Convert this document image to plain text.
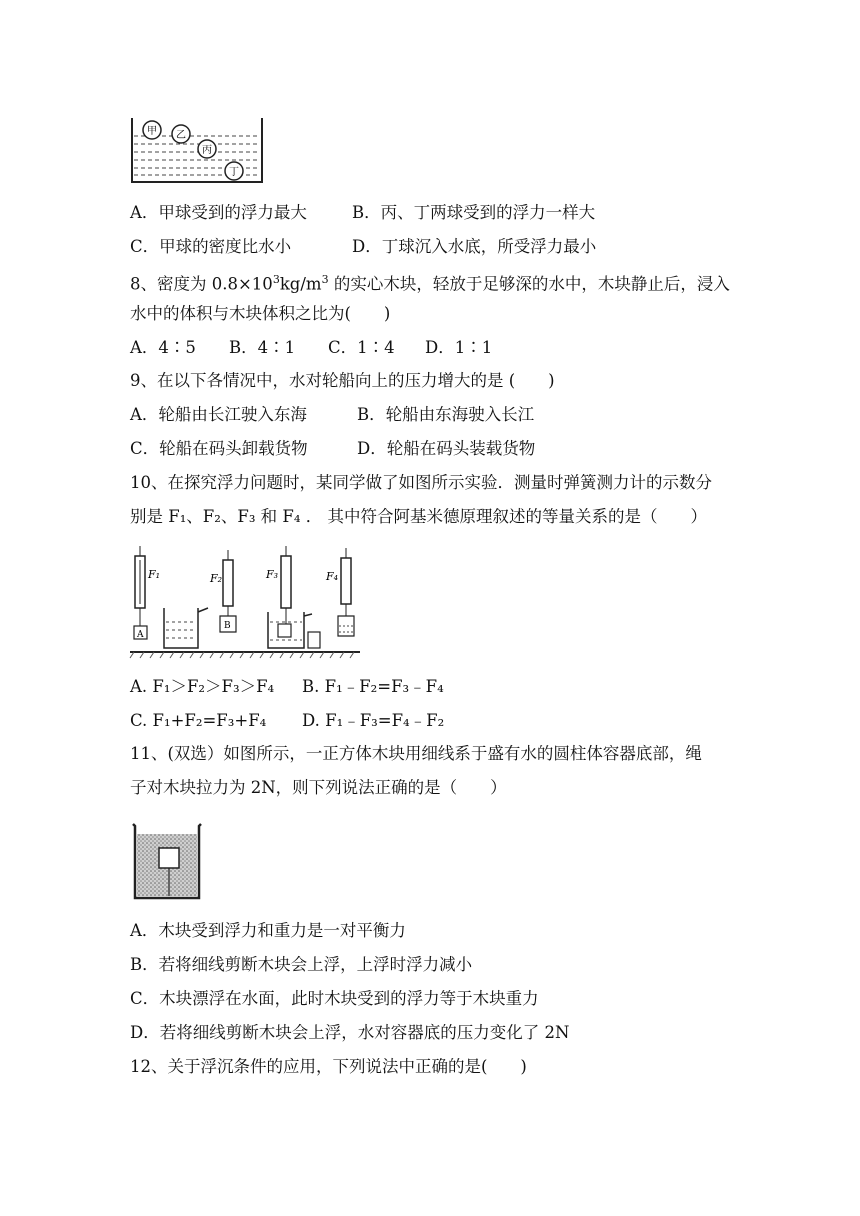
甲 乙
丙
丁
A．甲球受到的浮力最大	B．丙、丁两球受到的浮力一样大
C．甲球的密度比水小	D．丁球沉入水底，所受浮力最小
8、密度为 $0.8\times 10^3kg/m^3$ 的实心木块，轻放于足够深的水中，木块静止后，浸入
水中的体积与木块体积之比为(　　)
A．4∶5 B．4∶1 C．1∶4 D．1∶1
9、在以下各情况中，水对轮船向上的压力增大的是 (　　)
A．轮船由长江驶入东海	B．轮船由东海驶入长江
C．轮船在码头卸载货物	D．轮船在码头装载货物
10、在探究浮力问题时，某同学做了如图所示实验．测量时弹簧测力计的示数分
别是 F₁、F₂、F₃ 和 F₄ ． 其中符合阿基米德原理叙述的等量关系的是（　　）
F₁
A
F₂
B
F₃	F₄
A. F₁＞F₂＞F₃＞F₄ B. F₁﹣F₂=F₃﹣F₄
C. F₁+F₂=F₃+F₄ D. F₁﹣F₃=F₄﹣F₂
11、(双选）如图所示，一正方体木块用细线系于盛有水的圆柱体容器底部，绳
子对木块拉力为 2N，则下列说法正确的是（　　）
A．木块受到浮力和重力是一对平衡力
B．若将细线剪断木块会上浮，上浮时浮力减小
C．木块漂浮在水面，此时木块受到的浮力等于木块重力
D．若将细线剪断木块会上浮，水对容器底的压力变化了 2N
12、关于浮沉条件的应用，下列说法中正确的是(　　)
